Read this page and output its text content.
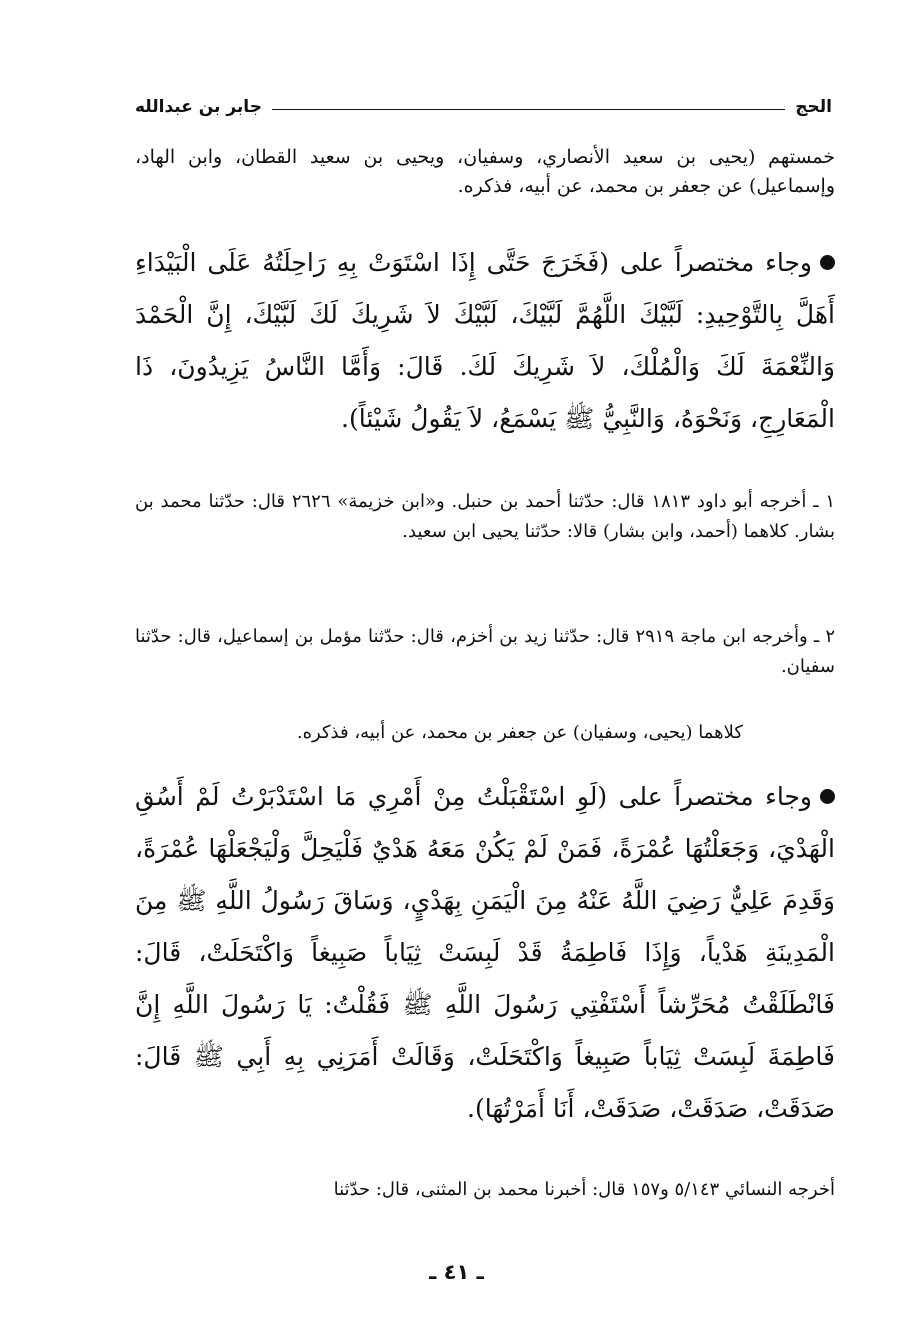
الحج
جابر بن عبدالله

خمستهم (يحيى بن سعيد الأنصاري، وسفيان، ويحيى بن سعيد القطان، وابن الهاد، وإسماعيل) عن جعفر بن محمد، عن أبيه، فذكره.

وجاء مختصراً على (فَخَرَجَ حَتَّى إِذَا اسْتَوَتْ بِهِ رَاحِلَتُهُ عَلَى الْبَيْدَاءِ أَهَلَّ بِالتَّوْحِيدِ: لَبَّيْكَ اللَّهُمَّ لَبَّيْكَ، لَبَّيْكَ لاَ شَرِيكَ لَكَ لَبَّيْكَ، إِنَّ الْحَمْدَ وَالنِّعْمَةَ لَكَ وَالْمُلْكَ، لاَ شَرِيكَ لَكَ. قَالَ: وَأَمَّا النَّاسُ يَزِيدُونَ، ذَا الْمَعَارِجِ، وَنَحْوَهُ، وَالنَّبِيُّ ﷺ يَسْمَعُ، لاَ يَقُولُ شَيْئاً).

١ ـ أخرجه أبو داود ١٨١٣ قال: حدّثنا أحمد بن حنبل. و«ابن خزيمة» ٢٦٢٦ قال: حدّثنا محمد بن بشار. كلاهما (أحمد، وابن بشار) قالا: حدّثنا يحيى ابن سعيد.

٢ ـ وأخرجه ابن ماجة ٢٩١٩ قال: حدّثنا زيد بن أخزم، قال: حدّثنا مؤمل بن إسماعيل، قال: حدّثنا سفيان.

كلاهما (يحيى، وسفيان) عن جعفر بن محمد، عن أبيه، فذكره.

وجاء مختصراً على (لَوِ اسْتَقْبَلْتُ مِنْ أَمْرِي مَا اسْتَدْبَرْتُ لَمْ أَسُقِ الْهَدْيَ، وَجَعَلْتُهَا عُمْرَةً، فَمَنْ لَمْ يَكُنْ مَعَهُ هَدْيٌ فَلْيَحِلَّ وَلْيَجْعَلْهَا عُمْرَةً، وَقَدِمَ عَلِيٌّ رَضِيَ اللَّهُ عَنْهُ مِنَ الْيَمَنِ بِهَدْيٍ، وَسَاقَ رَسُولُ اللَّهِ ﷺ مِنَ الْمَدِينَةِ هَدْياً، وَإِذَا فَاطِمَةُ قَدْ لَبِسَتْ ثِيَاباً صَبِيغاً وَاكْتَحَلَتْ، قَالَ: فَانْطَلَقْتُ مُحَرِّشاً أَسْتَفْتِي رَسُولَ اللَّهِ ﷺ فَقُلْتُ: يَا رَسُولَ اللَّهِ إِنَّ فَاطِمَةَ لَبِسَتْ ثِيَاباً صَبِيغاً وَاكْتَحَلَتْ، وَقَالَتْ أَمَرَنِي بِهِ أَبِي ﷺ قَالَ: صَدَقَتْ، صَدَقَتْ، صَدَقَتْ، أَنَا أَمَرْتُهَا).

أخرجه النسائي ٥/١٤٣ و١٥٧ قال: أخبرنا محمد بن المثنى، قال: حدّثنا

ـ ٤١ ـ
